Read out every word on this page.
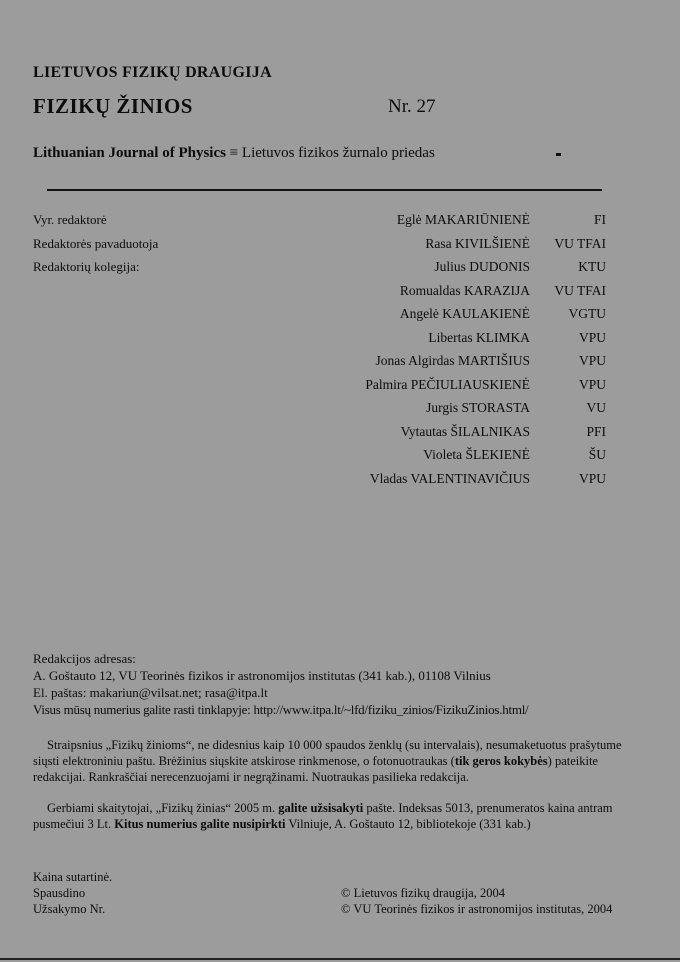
LIETUVOS FIZIKŲ DRAUGIJA
FIZIKŲ ŽINIOS	Nr. 27
Lithuanian Journal of Physics ≡ Lietuvos fizikos žurnalo priedas
Vyr. redaktorė	Eglė MAKARIŪNIENĖ	FI
Redaktorės pavaduotoja	Rasa KIVILŠIENĖ	VU TFAI
Redaktorių kolegija:	Julius DUDONIS	KTU
Romualdas KARAZIJA	VU TFAI
Angelė KAULAKIENĖ	VGTU
Libertas KLIMKA	VPU
Jonas Algirdas MARTIŠIUS	VPU
Palmira PEČIULIAUSKIENĖ	VPU
Jurgis STORASTA	VU
Vytautas ŠILALNIKAS	PFI
Violeta ŠLEKIENĖ	ŠU
Vladas VALENTINAVIČIUS	VPU
Redakcijos adresas:
A. Goštauto 12, VU Teorinės fizikos ir astronomijos institutas (341 kab.), 01108 Vilnius
El. paštas: makariun@vilsat.net; rasa@itpa.lt
Visus mūsų numerius galite rasti tinklapyje: http://www.itpa.lt/~lfd/fiziku_zinios/FizikuZinios.html/
Straipsnius „Fizikų žinioms“, ne didesnius kaip 10 000 spaudos ženklų (su intervalais), nesumaketuotus prašytume siųsti elektroniniu paštu. Brėžinius siųskite atskirose rinkmenose, o fotonuotraukas (tik geros kokybės) pateikite redakcijai. Rankraščiai nerecenzuojami ir negrąžinami. Nuotraukas pasilieka redakcija.
Gerbiami skaitytojai, „Fizikų žinias“ 2005 m. galite užsisakyti pašte. Indeksas 5013, prenumeratos kaina antram pusmečiui 3 Lt. Kitus numerius galite nusipirkti Vilniuje, A. Goštauto 12, bibliotekoje (331 kab.)
Kaina sutartinė.
Spausdino
Užsakymo Nr.
© Lietuvos fizikų draugija, 2004
© VU Teorinės fizikos ir astronomijos institutas, 2004
